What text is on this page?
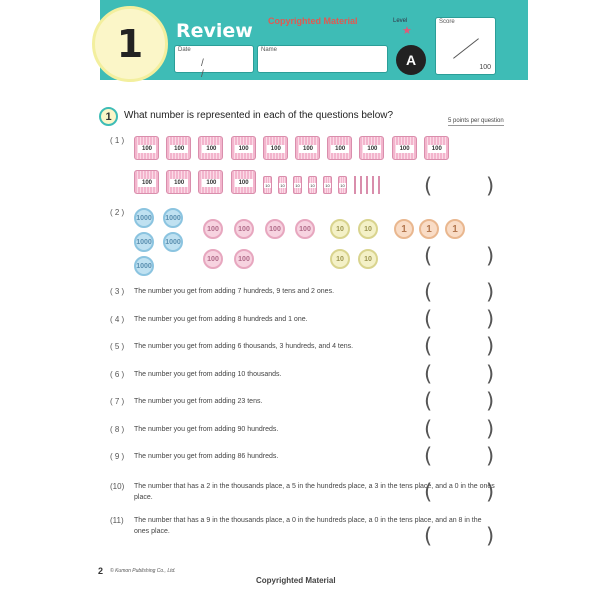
1 Review Copyrighted Material
Date
/ /
Name
Level
★
A
Score
100
1	What number is represented in each of the questions below?	5 points per question
( 1 )
100	100	100	100	100	100	100	100	100	100
100	100	100	100	10	10	10	10	10	10	(	)
( 2 )
1000	1000
1000	1000
1000
100	100	100	100
100	100
10	10
10	10
1	1	1
(	)
( 3 ) The number you get from adding 7 hundreds, 9 tens and 2 ones.	(	)
( 4 ) The number you get from adding 8 hundreds and 1 one.	(	)
( 5 ) The number you get from adding 6 thousands, 3 hundreds, and 4 tens.	(	)
( 6 ) The number you get from adding 10 thousands.	(	)
( 7 ) The number you get from adding 23 tens.	(	)
( 8 ) The number you get from adding 90 hundreds.	(	)
( 9 ) The number you get from adding 86 hundreds.	(	)
(10) The number that has a 2 in the thousands place, a 5 in the hundreds place, a 3 in the tens place, and a 0 in the ones place.	(	)
(11) The number that has a 9 in the thousands place, a 0 in the hundreds place, a 0 in the tens place, and an 8 in the ones place.	(	)
2 © Kumon Publishing Co., Ltd.
Copyrighted Material
